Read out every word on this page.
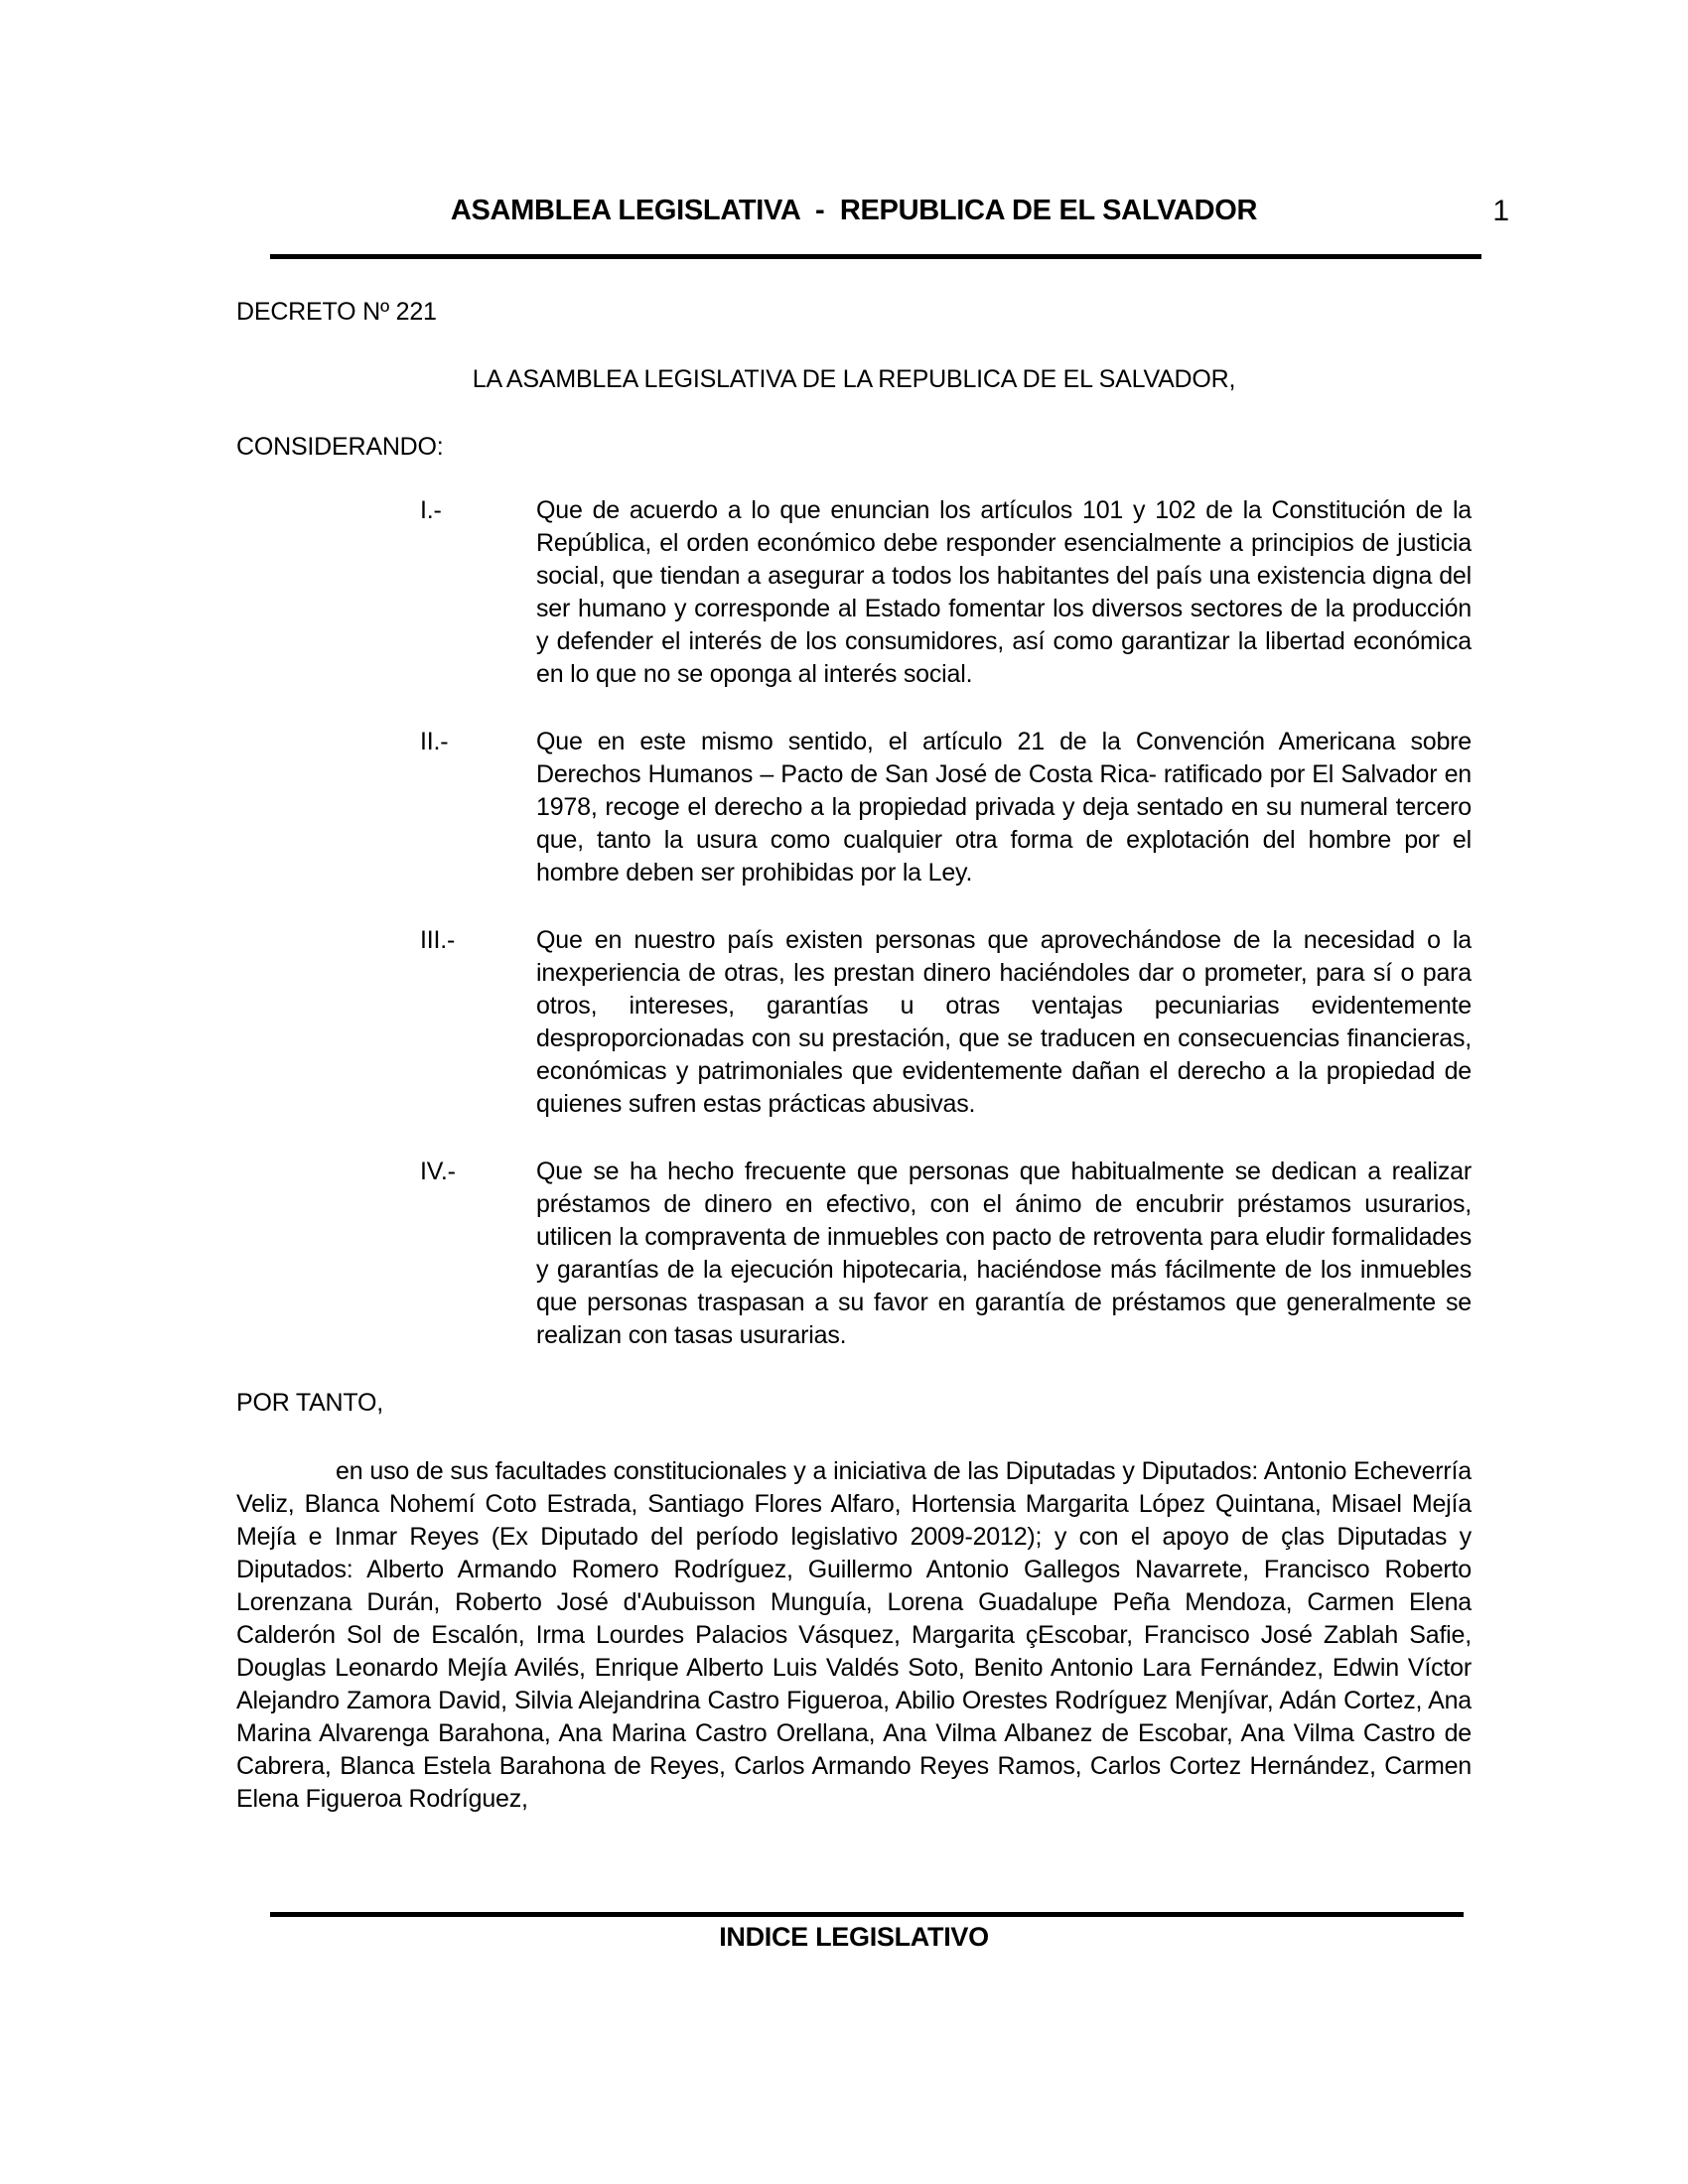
ASAMBLEA LEGISLATIVA  -  REPUBLICA DE EL SALVADOR	1
DECRETO Nº 221
LA ASAMBLEA LEGISLATIVA DE LA REPUBLICA DE EL SALVADOR,
CONSIDERANDO:
I.-	Que de acuerdo a lo que enuncian los artículos 101 y 102 de la Constitución de la República, el orden económico debe responder esencialmente a principios de justicia social, que tiendan a asegurar a todos los habitantes del país una existencia digna del ser humano y corresponde al Estado fomentar los diversos sectores de la producción y defender el interés de los consumidores, así como garantizar la libertad económica en lo que no se oponga al interés social.
II.-	Que en este mismo sentido, el artículo 21 de la Convención Americana sobre Derechos Humanos – Pacto de San José de Costa Rica- ratificado por El Salvador en 1978, recoge el derecho a la propiedad privada y deja sentado en su numeral tercero que, tanto la usura como cualquier otra forma de explotación del hombre por el hombre deben ser prohibidas por la Ley.
III.-	Que en nuestro país existen personas que aprovechándose de la necesidad o la inexperiencia de otras, les prestan dinero haciéndoles dar o prometer, para sí o para otros, intereses, garantías u otras ventajas pecuniarias evidentemente desproporcionadas con su prestación, que se traducen en consecuencias financieras, económicas y patrimoniales que evidentemente dañan el derecho a la propiedad de quienes sufren estas prácticas abusivas.
IV.-	Que se ha hecho frecuente que personas que habitualmente se dedican a realizar préstamos de dinero en efectivo, con el ánimo de encubrir préstamos usurarios, utilicen la compraventa de inmuebles con pacto de retroventa para eludir formalidades y garantías de la ejecución hipotecaria, haciéndose más fácilmente de los inmuebles que personas traspasan a su favor en garantía de préstamos que generalmente se realizan con tasas usurarias.
POR TANTO,

en uso de sus facultades constitucionales y a iniciativa de las Diputadas y Diputados: Antonio Echeverría Veliz, Blanca Nohemí Coto Estrada, Santiago Flores Alfaro, Hortensia Margarita López Quintana, Misael Mejía Mejía e Inmar Reyes (Ex Diputado del período legislativo 2009-2012); y con el apoyo de çlas Diputadas y Diputados: Alberto Armando Romero Rodríguez, Guillermo Antonio Gallegos Navarrete, Francisco Roberto Lorenzana Durán, Roberto José d'Aubuisson Munguía, Lorena Guadalupe Peña Mendoza, Carmen Elena Calderón Sol de Escalón, Irma Lourdes Palacios Vásquez, Margarita çEscobar, Francisco José Zablah Safie, Douglas Leonardo Mejía Avilés, Enrique Alberto Luis Valdés Soto, Benito Antonio Lara Fernández, Edwin Víctor Alejandro Zamora David, Silvia Alejandrina Castro Figueroa, Abilio Orestes Rodríguez Menjívar, Adán Cortez, Ana Marina Alvarenga Barahona, Ana Marina Castro Orellana, Ana Vilma Albanez de Escobar, Ana Vilma Castro de Cabrera, Blanca Estela Barahona de Reyes, Carlos Armando Reyes Ramos, Carlos Cortez Hernández, Carmen Elena Figueroa Rodríguez,

INDICE LEGISLATIVO
